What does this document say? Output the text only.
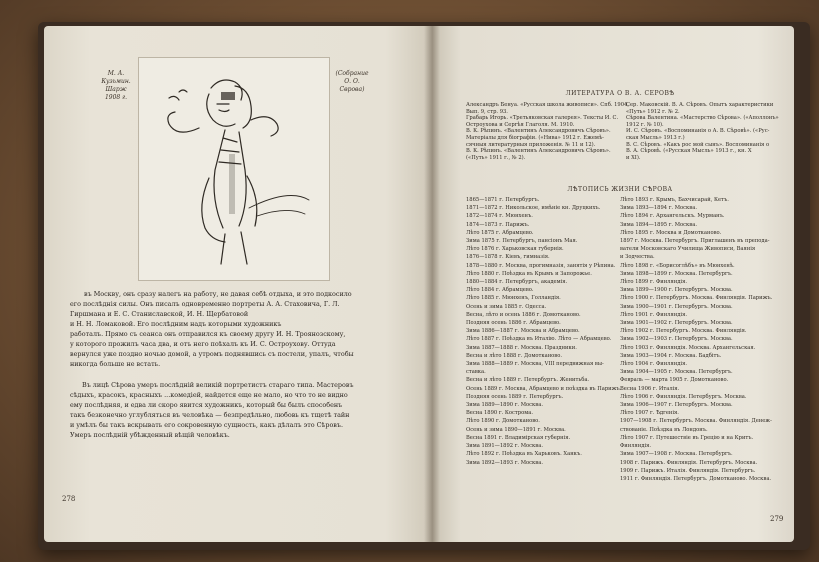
М. А.
Кузьмин.
Шарж
1908 г.
(Собрание
О. О.
Сврова)
въ Москву, онъ сразу налегъ на работу, не давая себѣ отдыха, и это подкосило
его послѣднія силы. Онъ писалъ одновременно портреты А. А. Стаховича, Г. Л.
Гиршмана и Е. С. Станиславской, И. Н. Щербатовой
и Н. Н. Ломаковой. Его послѣдним надъ которыми художникъ
работалъ. Прямо съ сеанса онъ отправился къ своему другу И. Н. Троянозскому,
у которого прожилъ часа два, и отъ него поѣхалъ къ И. С. Остроухову. Оттуда
вернулся уже поздно ночью домой, а утромъ поднявшись съ постели, упалъ, чтобы
никогда больше не встать.
Въ лицѣ Сѣрова умеръ послѣдній великій портретистъ стараго типа. Мастеровъ
сѣдыхъ, красокъ, красныхъ ...комедіей, найдется еще не мало, но что то не видно
ему послѣдняя, и едва ли скоро явится художникъ, который бы былъ способенъ
такъ безконечно углубляться въ человѣка — безпредѣльно, любовь къ тщетѣ тайн
и умѣлъ бы такъ вскрывать его сокровенную сущность, какъ дѣлалъ это Сѣровъ.
Умеръ послѣдній убѣжденный вѣщій человѣкъ.
278
ЛИТЕРАТУРА О В. А. СЕРОВѢ
Александръ Бенуа. «Русская школа живописи». Спб. 1904,
Вып. 9, стр. 93.
Грабарь Игорь. «Третьяковская галерея». Тексты И. С.
Остроухова и Сергѣя Глаголя. М. 1910.
В. К. Рѣпинъ. «Валентинъ Александровичъ Сѣровъ».
Матеріалы для біографіи. («Нива» 1912 г. Ежемѣ-
сячныя литературныя приложенія. № 11 и 12).
В. К. Рѣпинъ. «Валентинъ Александровичъ Сѣровъ».
(«Путь» 1911 г., № 2).
Сер. Маковскій. В. А. Сѣровъ. Опытъ характеристики
«Путь» 1912 г. № 2.
Сѣрова Валентина. «Мастерство Сѣрова». («Аполлонъ»
1912 г. № 10).
И. С. Сѣровъ. «Воспоминанія о А. В. Сѣровѣ». («Рус-
ская Мысль» 1913 г.)
В. С. Сѣровъ. «Какъ рос мой сынъ». Воспоминанія о
В. А. Сѣровѣ. («Русская Мысль» 1913 г., кн. Х
и XI).
ЛѢТОПИСЬ ЖИЗНИ СѢРОВА
1865—1871 г. Петербургъ.
1871—1872 г. Никольское, имѣніе кн. Друцкихъ.
1872—1874 г. Мюнхенъ.
1874—1873 г. Парижъ.
Лѣто 1875 г. Абрамцево.
Зима 1875 г. Петербургъ, пансіонъ Мая.
Лѣто 1876 г. Харьковская губернія.
1876—1878 г. Кіевъ, гимназія.
1878—1880 г. Москва, прогимназія, занятія у Рѣпина.
Лѣто 1880 г. Поѣздка въ Крымъ и Запорожье.
1880—1884 г. Петербургъ, академія.
Лѣто 1884 г. Абрамцево.
Лѣто 1885 г. Мюнхенъ, Голландія.
Осень и зима 1885 г. Одесса.
Весна, лѣто и осень 1886 г. Домотканово.
Поздняя осень 1886 г. Абрамцево.
Зима 1886—1887 г. Москва и Абрамцево.
Лѣто 1887 г. Поѣздка въ Италію. Лѣто — Абрамцево.
Зима 1887—1888 г. Москва. Праздники.
Весна и лѣто 1888 г. Домотканово.
Зима 1888—1889 г. Москва, VIII передвижная вы-
ставка.
Весна и лѣто 1889 г. Петербургъ. Женитьба.
Осень 1889 г. Москва, Абрамцево и поѣздка въ Парижъ.
Поздняя осень 1889 г. Петербургъ.
Зима 1889—1890 г. Москва.
Весна 1890 г. Кострома.
Лѣто 1890 г. Домотканово.
Осень и зима 1890—1891 г. Москва.
Весна 1891 г. Владимірская губернія.
Зима 1891—1892 г. Москва.
Лѣто 1892 г. Поѣздка въ Харьковъ. Ханкъ.
Зима 1892—1893 г. Москва.
Лѣто 1893 г. Крымъ, Бахчисарай, Кетъ.
Зима 1893—1894 г. Москва.
Лѣто 1894 г. Архангельскъ. Мурманъ.
Зима 1894—1895 г. Москва.
Лѣто 1895 г. Москва и Домотканово.
1897 г. Москва. Петербургъ. Приглашенъ въ препода-
ватели Московскаго Училища Живописи, Ваянія
и Зодчества.
Лѣто 1898 г. «Борисоглѣбъ» въ Мюнхенѣ.
Зима 1898—1899 г. Москва. Петербургъ.
Лѣто 1899 г. Финляндія.
Зима 1899—1900 г. Петербургъ. Москва.
Лѣто 1900 г. Петербургъ. Москва. Финляндія. Парижъ.
Зима 1900—1901 г. Петербургъ. Москва.
Лѣто 1901 г. Финляндія.
Зима 1901—1902 г. Петербургъ. Москва.
Лѣто 1902 г. Петербургъ. Москва. Финляндія.
Зима 1902—1903 г. Петербургъ. Москва.
Лѣто 1903 г. Финляндія. Москва. Архангельская.
Зима 1903—1904 г. Москва. Бадбітъ.
Лѣто 1904 г. Финляндія.
Зима 1904—1905 г. Москва. Петербургъ.
Февраль — марта 1905 г. Домотканово.
Весна 1906 г. Италія.
Лѣто 1906 г. Финляндія. Петербургъ. Москва.
Зима 1906—1907 г. Петербургъ. Москва.
Лѣто 1907 г. Ѣдгенія.
1907—1908 г. Петербургъ. Москва. Финляндія. Денеж-
ствованіе. Поѣздка въ Лондонъ.
Лѣто 1907 г. Путешествіе въ Грецію и на Критъ.
Финляндія.
Зима 1907—1908 г. Москва. Петербургъ.
1908 г. Парижъ. Финляндія. Петербургъ. Москва.
1909 г. Парижъ. Италія. Финляндія. Петербургъ.
1911 г. Финляндія. Петербургъ. Домотканово. Москва.
279
